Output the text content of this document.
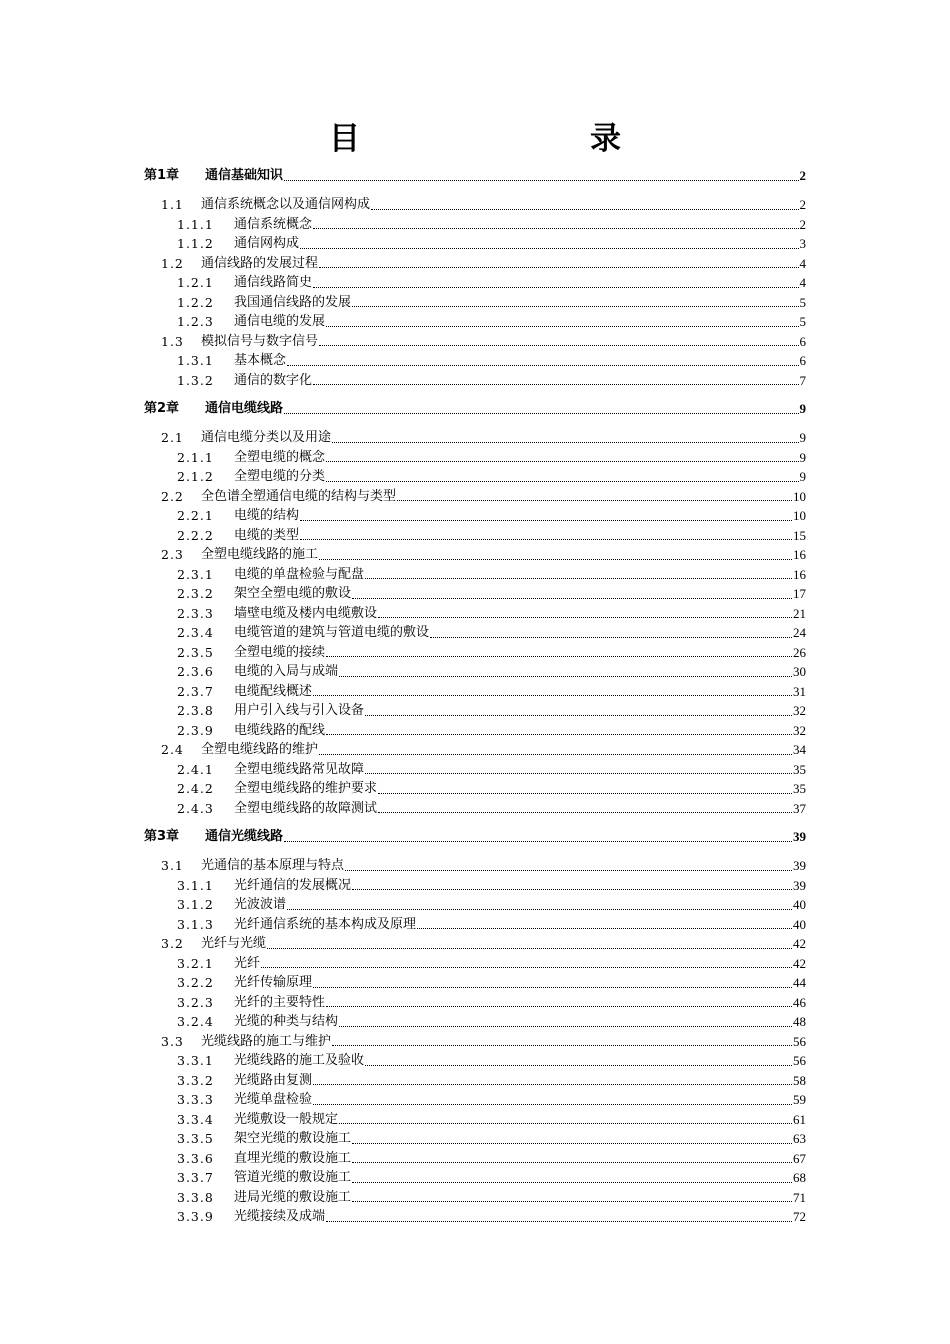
目　　录
第1章	通信基础知识	2
1.1	通信系统概念以及通信网构成	2
1.1.1	通信系统概念	2
1.1.2	通信网构成	3
1.2	通信线路的发展过程	4
1.2.1	通信线路简史	4
1.2.2	我国通信线路的发展	5
1.2.3	通信电缆的发展	5
1.3	模拟信号与数字信号	6
1.3.1	基本概念	6
1.3.2	通信的数字化	7
第2章	通信电缆线路	9
2.1	通信电缆分类以及用途	9
2.1.1	全塑电缆的概念	9
2.1.2	全塑电缆的分类	9
2.2	全色谱全塑通信电缆的结构与类型	10
2.2.1	电缆的结构	10
2.2.2	电缆的类型	15
2.3	全塑电缆线路的施工	16
2.3.1	电缆的单盘检验与配盘	16
2.3.2	架空全塑电缆的敷设	17
2.3.3	墙壁电缆及楼内电缆敷设	21
2.3.4	电缆管道的建筑与管道电缆的敷设	24
2.3.5	全塑电缆的接续	26
2.3.6	电缆的入局与成端	30
2.3.7	电缆配线概述	31
2.3.8	用户引入线与引入设备	32
2.3.9	电缆线路的配线	32
2.4	全塑电缆线路的维护	34
2.4.1	全塑电缆线路常见故障	35
2.4.2	全塑电缆线路的维护要求	35
2.4.3	全塑电缆线路的故障测试	37
第3章	通信光缆线路	39
3.1	光通信的基本原理与特点	39
3.1.1	光纤通信的发展概况	39
3.1.2	光波波谱	40
3.1.3	光纤通信系统的基本构成及原理	40
3.2	光纤与光缆	42
3.2.1	光纤	42
3.2.2	光纤传输原理	44
3.2.3	光纤的主要特性	46
3.2.4	光缆的种类与结构	48
3.3	光缆线路的施工与维护	56
3.3.1	光缆线路的施工及验收	56
3.3.2	光缆路由复测	58
3.3.3	光缆单盘检验	59
3.3.4	光缆敷设一般规定	61
3.3.5	架空光缆的敷设施工	63
3.3.6	直埋光缆的敷设施工	67
3.3.7	管道光缆的敷设施工	68
3.3.8	进局光缆的敷设施工	71
3.3.9	光缆接续及成端	72
